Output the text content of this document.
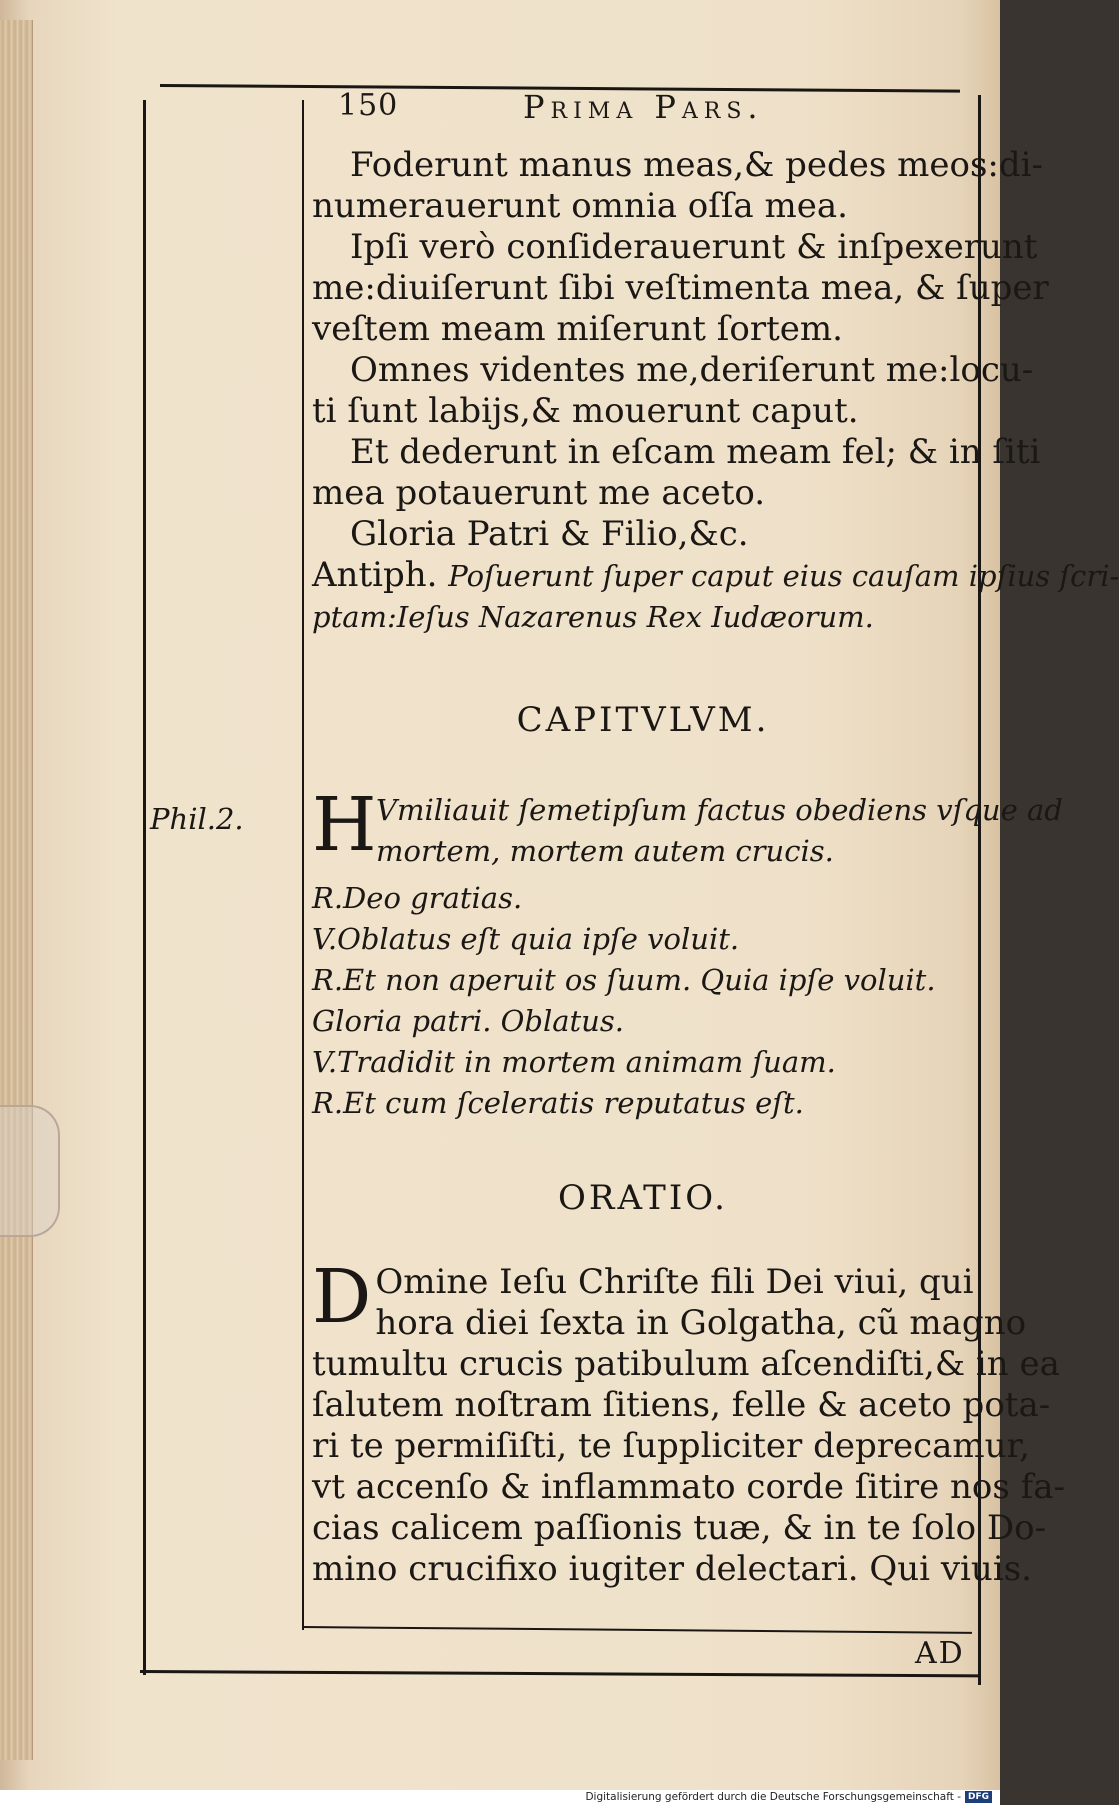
150	Prima Pars.
Foderunt manus meas,& pedes meos:di-
numerauerunt omnia oſſa mea.
Ipſi verò conſiderauerunt & inſpexerunt
me:diuiſerunt ſibi veſtimenta mea, & ſuper
veſtem meam miſerunt ſortem.
Omnes videntes me,deriſerunt me:locu-
ti ſunt labijs,& mouerunt caput.
Et dederunt in eſcam meam fel; & in ſiti
mea potauerunt me aceto.
Gloria Patri & Filio,&c.
Antiph. Poſuerunt ſuper caput eius cauſam ipſius ſcri-
ptam:Ieſus Nazarenus Rex Iudæorum.
CAPITVLVM.
Phil.2. H Vmiliauit ſemetipſum factus obediens vſque ad
mortem, mortem autem crucis.
R.Deo gratias.
V.Oblatus eſt quia ipſe voluit.
R.Et non aperuit os ſuum. Quia ipſe voluit.
Gloria patri. Oblatus.
V.Tradidit in mortem animam ſuam.
R.Et cum ſceleratis reputatus eſt.
ORATIO.
D Omine Ieſu Chriſte fili Dei viui, qui
hora diei ſexta in Golgatha, cũ magno
tumultu crucis patibulum aſcendiſti,& in ea
ſalutem noſtram ſitiens, felle & aceto pota-
ri te permiſiſti, te ſuppliciter deprecamur,
vt accenſo & inflammato corde ſitire nos fa-
cias calicem paſſionis tuæ, & in te ſolo Do-
mino crucifixo iugiter delectari. Qui viuis.
AD
Digitalisierung gefördert durch die Deutsche Forschungsgemeinschaft - DFG
